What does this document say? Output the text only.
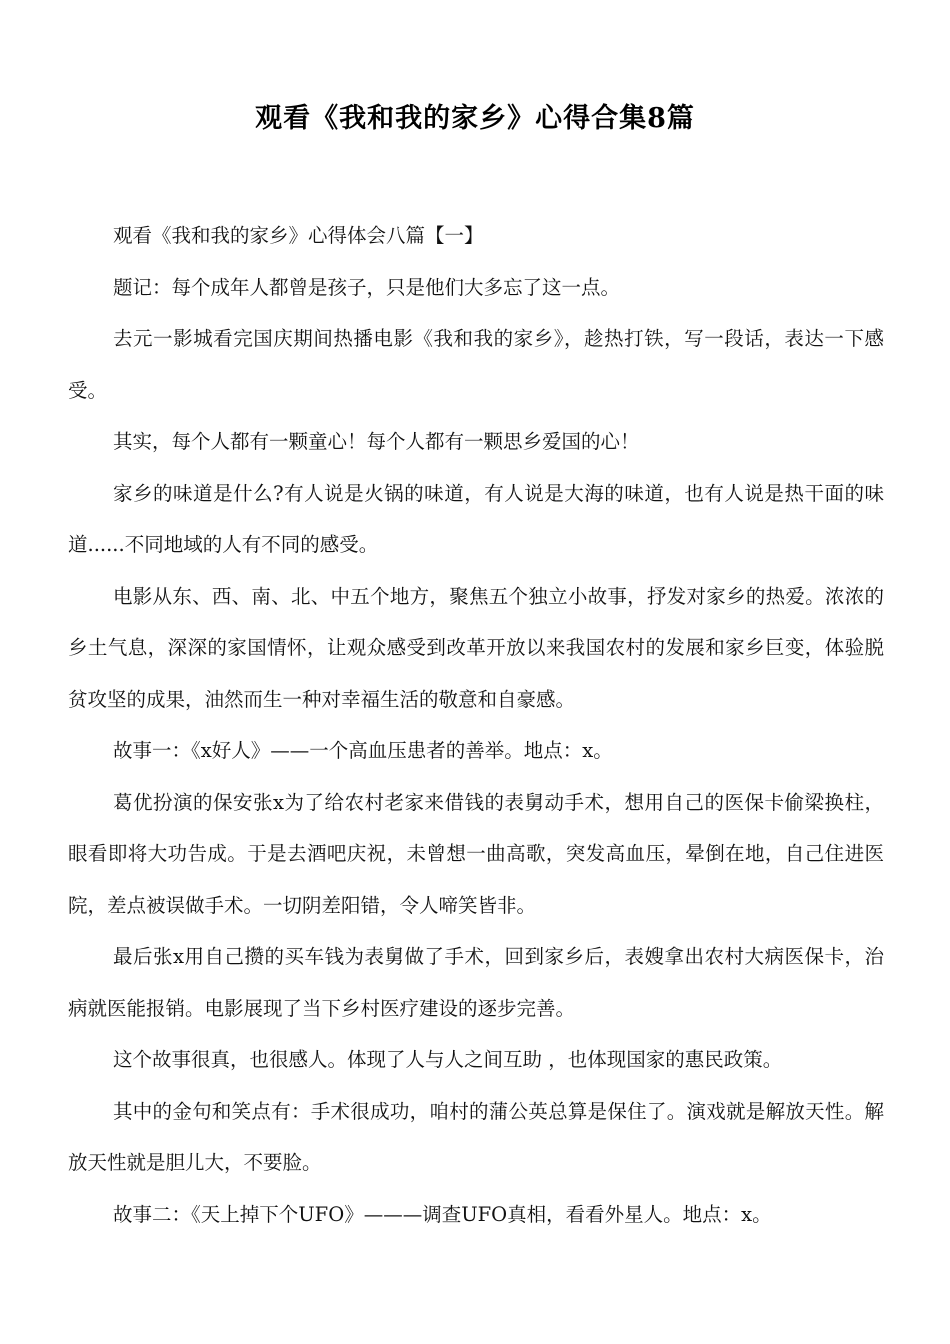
观看《我和我的家乡》心得合集8篇

观看《我和我的家乡》心得体会八篇【一】

题记：每个成年人都曾是孩子，只是他们大多忘了这一点。

去元一影城看完国庆期间热播电影《我和我的家乡》，趁热打铁，写一段话，表达一下感受。

其实，每个人都有一颗童心！每个人都有一颗思乡爱国的心！

家乡的味道是什么?有人说是火锅的味道，有人说是大海的味道，也有人说是热干面的味道......不同地域的人有不同的感受。

电影从东、西、南、北、中五个地方，聚焦五个独立小故事，抒发对家乡的热爱。浓浓的乡土气息，深深的家国情怀，让观众感受到改革开放以来我国农村的发展和家乡巨变，体验脱贫攻坚的成果，油然而生一种对幸福生活的敬意和自豪感。

故事一：《x好人》——一个高血压患者的善举。地点：x。

葛优扮演的保安张x为了给农村老家来借钱的表舅动手术，想用自己的医保卡偷梁换柱，眼看即将大功告成。于是去酒吧庆祝，未曾想一曲高歌，突发高血压，晕倒在地，自己住进医院，差点被误做手术。一切阴差阳错，令人啼笑皆非。

最后张x用自己攒的买车钱为表舅做了手术，回到家乡后，表嫂拿出农村大病医保卡，治病就医能报销。电影展现了当下乡村医疗建设的逐步完善。

这个故事很真，也很感人。体现了人与人之间互助 ，也体现国家的惠民政策。

其中的金句和笑点有：手术很成功，咱村的蒲公英总算是保住了。演戏就是解放天性。解放天性就是胆儿大，不要脸。

故事二：《天上掉下个UFO》———调查UFO真相，看看外星人。地点：x。
